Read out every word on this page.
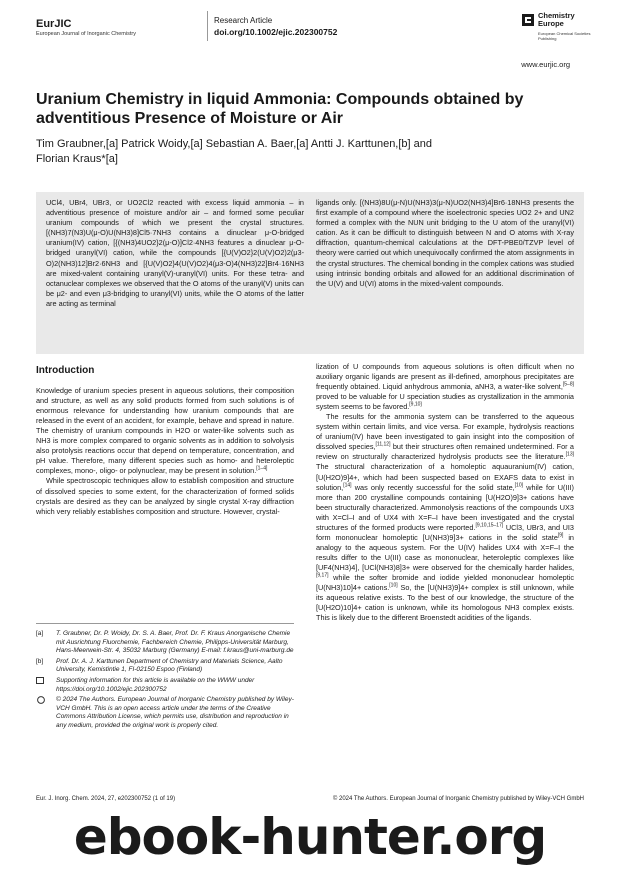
EurJIC
European Journal of Inorganic Chemistry
Research Article
doi.org/10.1002/ejic.202300752
Chemistry Europe
European Chemical Societies Publishing
www.eurjic.org
Uranium Chemistry in liquid Ammonia: Compounds obtained by adventitious Presence of Moisture or Air
Tim Graubner,[a] Patrick Woidy,[a] Sebastian A. Baer,[a] Antti J. Karttunen,[b] and
Florian Kraus*[a]

UCl4, UBr4, UBr3, or UO2Cl2 reacted with excess liquid ammonia – in adventitious presence of moisture and/or air – and formed some peculiar uranium compounds of which we present the crystal structures. [(NH3)7(N3)U(μ-O)U(NH3)8]Cl5·7NH3 contains a dinuclear μ-O-bridged uranium(IV) cation, [{(NH3)4UO2}2(μ-O)]Cl2·4NH3 features a dinuclear μ-O-bridged uranyl(VI) cation, while the compounds [{U(V)O2}2(U(V)O2)2(μ3-O)2(NH3)12]Br2·6NH3 and [{U(V)O2}4(U(V)O2)4(μ3-O)4(NH3)22]Br4·16NH3 are mixed-valent containing uranyl(V)-uranyl(VI) units. For these tetra- and octanuclear complexes we observed that the O atoms of the uranyl(V) units can be μ2- and even μ3-bridging to uranyl(VI) units, while the O atoms of the latter are acting as terminal

ligands only. [(NH3)8U(μ-N)U(NH3)3(μ-N)UO2(NH3)4]Br6·18NH3 presents the first example of a compound where the isoelectronic species UO2 2+ and UN2 formed a complex with the NUN unit bridging to the U atom of the uranyl(VI) cation. As it can be difficult to distinguish between N and O atoms with X-ray diffraction, quantum-chemical calculations at the DFT-PBE0/TZVP level of theory were carried out which unequivocally confirmed the atom assignments in the crystal structures. The chemical bonding in the complex cations was studied using intrinsic bonding orbitals and allowed for an additional discrimination of the U(V) and U(VI) atoms in the mixed-valent compounds.

Introduction

Knowledge of uranium species present in aqueous solutions, their composition and structure, as well as any solid products formed from such solutions is of enormous relevance for understanding how uranium compounds that are released in the event of an accident, for example, behave and spread in nature. The chemistry of uranium compounds in H2O or water-like solvents such as NH3 is more complex compared to organic solvents as in addition to solvolysis also protolysis reactions occur that depend on temperature, concentration, and pH value. Therefore, many different species such as homo- and heteroleptic complexes, mono-, oligo- or polynuclear, may be present in solution.[1–4]

While spectroscopic techniques allow to establish composition and structure of dissolved species to some extent, for the characterization of formed solids crystals are desired as they can be analyzed by single crystal X-ray diffraction which very reliably establishes composition and structure. However, crystal-

lization of U compounds from aqueous solutions is often difficult when no auxiliary organic ligands are present as ill-defined, amorphous precipitates are frequently obtained. Liquid anhydrous ammonia, aNH3, a water-like solvent,[5–8] proved to be valuable for U speciation studies as crystallization in the ammonia system seems to be favored.[9,10]

The results for the ammonia system can be transferred to the aqueous system within certain limits, and vice versa. For example, hydrolysis reactions of uranium(IV) have been investigated to gain insight into the composition of dissolved species,[11,12] but their structures often remained undetermined. For a review on structurally characterized hydrolysis products see the literature.[13] The structural characterization of a homoleptic aquauranium(IV) cation, [U(H2O)9]4+, which had been suspected based on EXAFS data to exist in solution,[14] was only recently successful for the solid state,[10] while for U(III) more than 200 crystalline compounds containing [U(H2O)9]3+ cations have been structurally characterized. Ammonolysis reactions of the compounds UX3 with X=Cl–I and of UX4 with X=F–I have been investigated and the crystal structures of the formed products were reported.[9,10,15–17] UCl3, UBr3, and UI3 form mononuclear homoleptic [U(NH3)9]3+ cations in the solid state[9] in analogy to the aqueous system. For the U(IV) halides UX4 with X=F–I the results differ to the U(III) case as mononuclear, heteroleptic complexes like [UF4(NH3)4], [UCl(NH3)8]3+ were observed for the chemically harder halides,[9,17] while the softer bromide and iodide yielded mononuclear homoleptic [U(NH3)10]4+ cations.[10] So, the [U(NH3)9]4+ complex is still unknown, while its aqueous relative exists. To the best of our knowledge, the structure of the [U(H2O)10]4+ cation is unknown, while its homologous NH3 complex exists. This is likely due to the different Broenstedt acidities of the ligands.

[a]	T. Graubner, Dr. P. Woidy, Dr. S. A. Baer, Prof. Dr. F. Kraus Anorganische Chemie mit Ausrichtung Fluorchemie, Fachbereich Chemie, Philipps-Universität Marburg, Hans-Meerwein-Str. 4, 35032 Marburg (Germany) E-mail: f.kraus@uni-marburg.de
[b]	Prof. Dr. A. J. Karttunen Department of Chemistry and Materials Science, Aalto University, Kemistintie 1, FI-02150 Espoo (Finland)
Supporting information for this article is available on the WWW under https://doi.org/10.1002/ejic.202300752
© 2024 The Authors. European Journal of Inorganic Chemistry published by Wiley-VCH GmbH. This is an open access article under the terms of the Creative Commons Attribution License, which permits use, distribution and reproduction in any medium, provided the original work is properly cited.
Eur. J. Inorg. Chem. 2024, 27, e202300752 (1 of 19)	© 2024 The Authors. European Journal of Inorganic Chemistry published by Wiley-VCH GmbH
ebook-hunter.org
